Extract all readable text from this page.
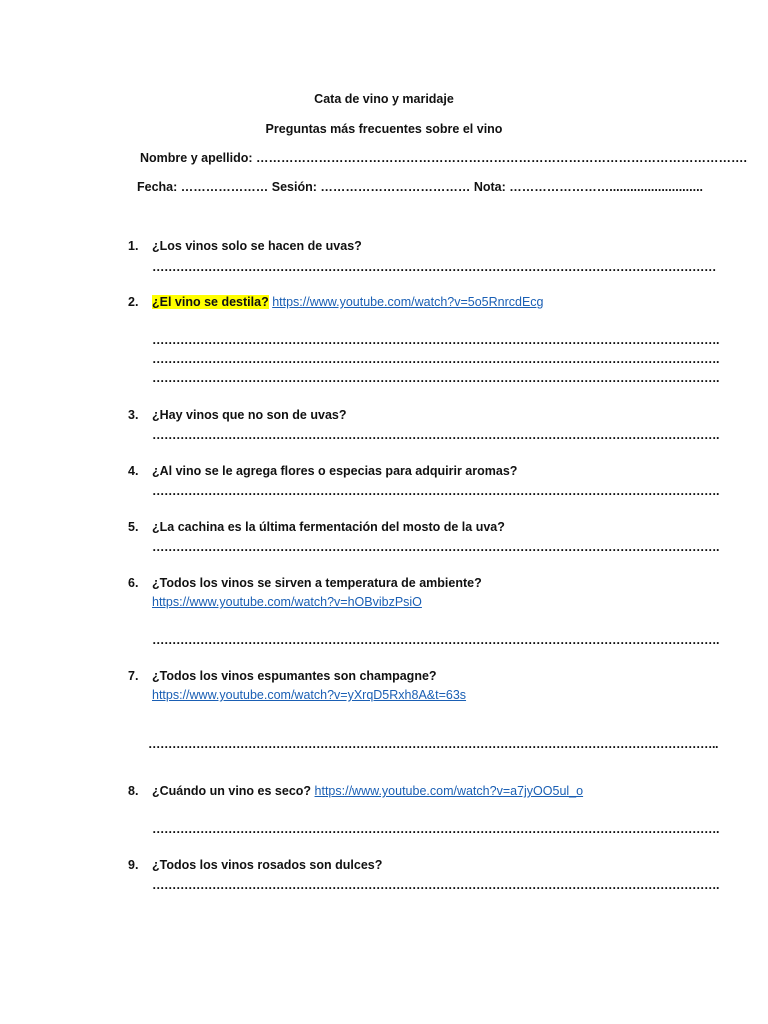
Cata de vino y maridaje
Preguntas más frecuentes sobre el vino
Nombre y apellido: ……………………………………………………………………………………………………….
Fecha: ………………… Sesión: ……………………………… Nota: ……………………...........................
1.	¿Los vinos solo se hacen de uvas?
……………………………………………………………………………………………………………………………
2.	¿El vino se destila? https://www.youtube.com/watch?v=5o5RnrcdEcg
…………………………………………………………………………………………………………………………….
…………………………………………………………………………………………………………………………….
…………………………………………………………………………………………………………………………….
3.	¿Hay vinos que no son de uvas?
…………………………………………………………………………………………………………………………….
4.	¿Al vino se le agrega flores o especias para adquirir aromas?
…………………………………………………………………………………………………………………………….
5.	¿La cachina es la última fermentación del mosto de la uva?
…………………………………………………………………………………………………………………………….
6.	¿Todos los vinos se sirven a temperatura de ambiente?
https://www.youtube.com/watch?v=hOBvibzPsiO
…………………………………………………………………………………………………………………………….
7.	¿Todos los vinos espumantes son champagne?
https://www.youtube.com/watch?v=yXrqD5Rxh8A&t=63s
……………………………………………………………………………………………………………………………..
8.	¿Cuándo un vino es seco? https://www.youtube.com/watch?v=a7jyOO5ul_o
…………………………………………………………………………………………………………………………….
9.	¿Todos los vinos rosados son dulces?
…………………………………………………………………………………………………………………………….
